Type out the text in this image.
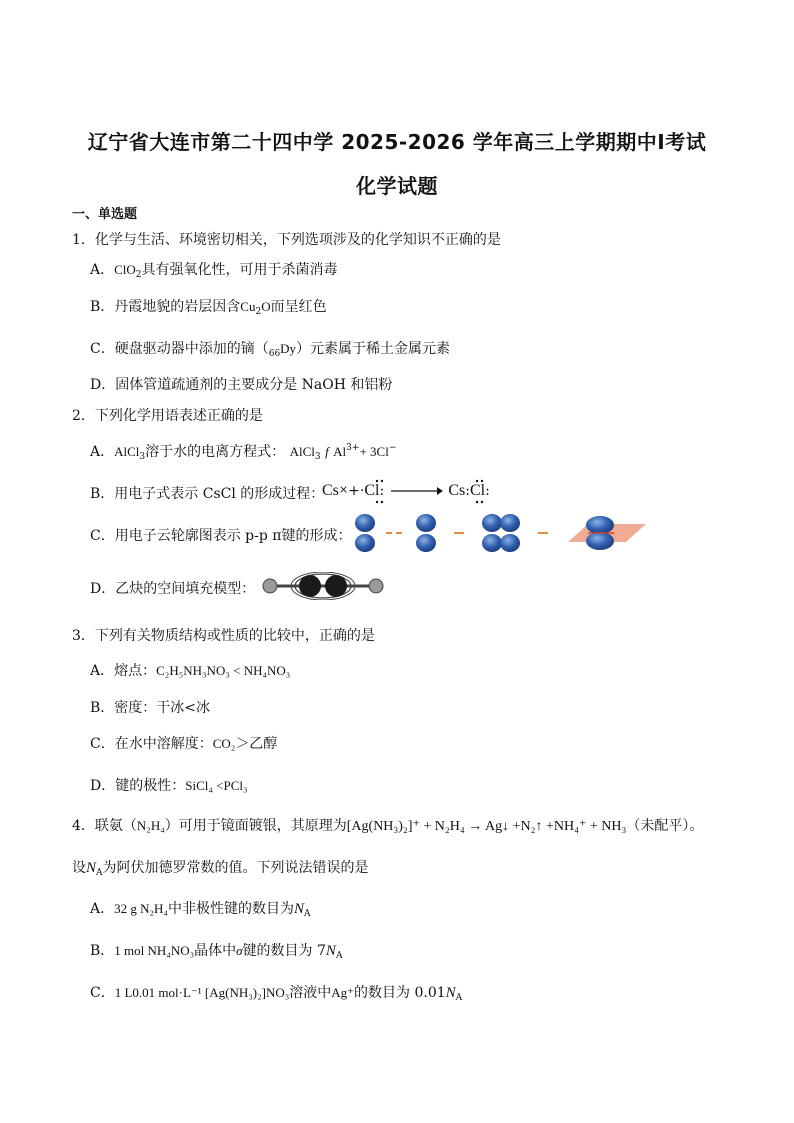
辽宁省大连市第二十四中学 2025-2026 学年高三上学期期中Ⅰ考试
化学试题
一、单选题
1．化学与生活、环境密切相关，下列选项涉及的化学知识不正确的是
A．ClO$_2$具有强氧化性，可用于杀菌消毒
B．丹霞地貌的岩层因含$Cu_2O$而呈红色
C．硬盘驱动器中添加的镝$(_{66}Dy)$元素属于稀土金属元素
D．固体管道疏通剂的主要成分是 NaOH 和铝粉
2．下列化学用语表述正确的是
A．AlCl$_3$溶于水的电离方程式： AlCl$_3$ f $Al^{3+}+ 3Cl^-$
B．用电子式表示 CsCl 的形成过程：
Cs×+·Cl: → Cs:Cl:
C．用电子云轮廓图表示 p-p π键的形成：
D．乙炔的空间填充模型：
3．下列有关物质结构或性质的比较中，正确的是
A．熔点：C₂H₅NH₃NO₃ < NH₄NO₃
B．密度：干冰<冰
C．在水中溶解度：CO₂＞乙醇
D．键的极性：SiCl₄ <PCl₃
4．联氨（N₂H₄）可用于镜面镀银，其原理为[Ag(NH₃)₂]⁺ + N₂H₄ → Ag↓ +N₂↑ +NH₄⁺ + NH₃（未配平）。
设$N_A$为阿伏加德罗常数的值。下列说法错误的是
A．32 g N₂H₄中非极性键的数目为$N_A$
B．1 mol NH₄NO₃晶体中σ键的数目为 $7N_A$
C．1 L0.01 mol·L⁻¹ [Ag(NH₃)₂]NO₃溶液中Ag⁺的数目为 $0.01N_A$
